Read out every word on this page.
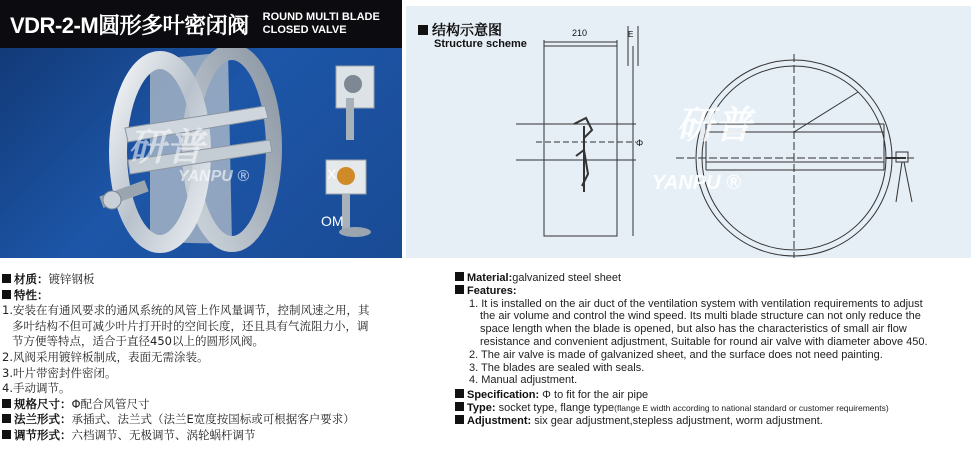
VDR-2-M圆形多叶密闭阀 ROUND MULTI BLADE
CLOSED VALVE
X
OM
研普
YANPU ®
结构示意图
Structure scheme
210	E
Φ 研普
YANPU ®
材质：镀锌钢板
特性：
1.安装在有通风要求的通风系统的风管上作风量调节，控制风速之用，其
多叶结构不但可减少叶片打开时的空间长度，还且具有气流阻力小，调
节方便等特点，适合于直径450以上的圆形风阀。
2.风阀采用镀锌板制成，表面无需涂装。
3.叶片带密封件密闭。
4.手动调节。
规格尺寸：Φ配合风管尺寸
法兰形式：承插式、法兰式（法兰E宽度按国标或可根据客户要求）
调节形式：六档调节、无极调节、涡轮蜗杆调节
Material:galvanized steel sheet
Features:
1. It is installed on the air duct of the ventilation system with ventilation requirements to adjust
the air volume and control the wind speed. Its multi blade structure can not only reduce the
space length when the blade is opened, but also has the characteristics of small air flow
resistance and convenient adjustment, Suitable for round air valve with diameter above 450.
2. The air valve is made of galvanized sheet, and the surface does not need painting.
3. The blades are sealed with seals.
4. Manual adjustment.
Specification: Φ to fit for the air pipe
Type: socket type, flange type(flange E width according to national standard or customer requirements)
Adjustment: six gear adjustment,stepless adjustment, worm adjustment.
